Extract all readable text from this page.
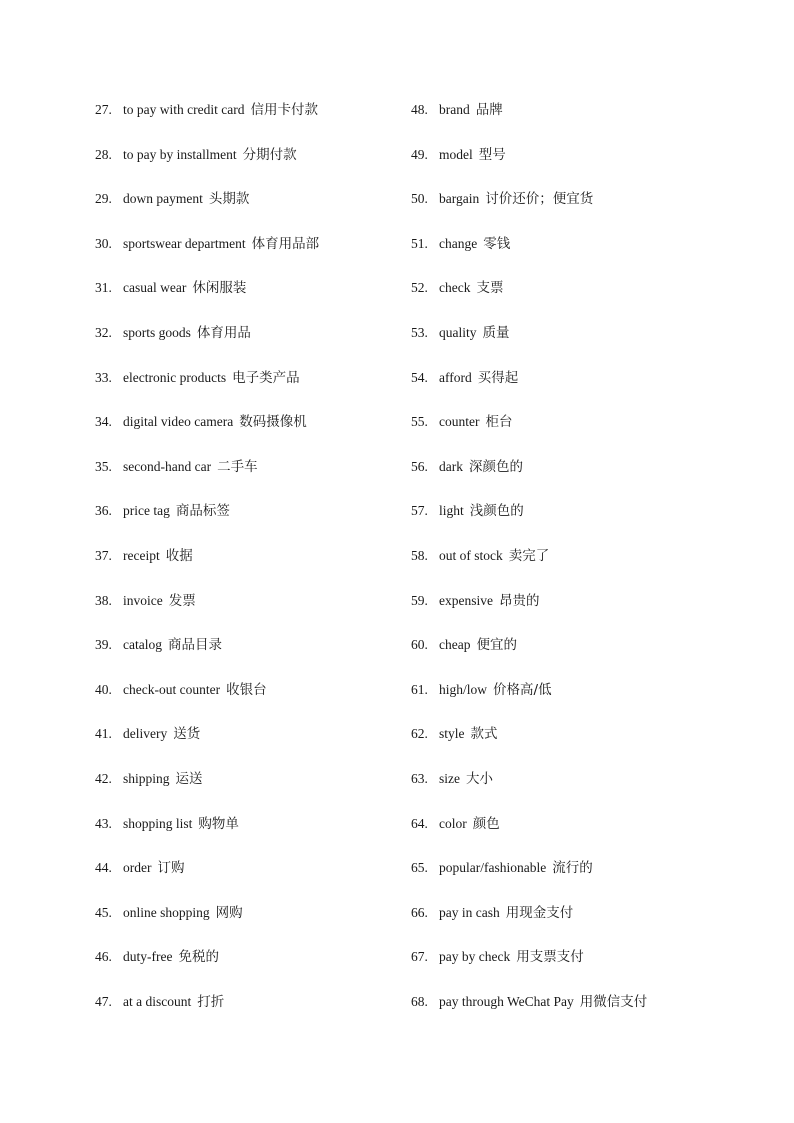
27. to pay with credit card 信用卡付款
28. to pay by installment 分期付款
29. down payment 头期款
30. sportswear department 体育用品部
31. casual wear 休闲服装
32. sports goods 体育用品
33. electronic products 电子类产品
34. digital video camera 数码摄像机
35. second-hand car 二手车
36. price tag 商品标签
37. receipt 收据
38. invoice 发票
39. catalog 商品目录
40. check-out counter 收银台
41. delivery 送货
42. shipping 运送
43. shopping list 购物单
44. order 订购
45. online shopping 网购
46. duty-free 免税的
47. at a discount 打折
48. brand 品牌
49. model 型号
50. bargain 讨价还价；便宜货
51. change 零钱
52. check 支票
53. quality 质量
54. afford 买得起
55. counter 柜台
56. dark 深颜色的
57. light 浅颜色的
58. out of stock 卖完了
59. expensive 昂贵的
60. cheap 便宜的
61. high/low 价格高/低
62. style 款式
63. size 大小
64. color 颜色
65. popular/fashionable 流行的
66. pay in cash 用现金支付
67. pay by check 用支票支付
68. pay through WeChat Pay 用微信支付
